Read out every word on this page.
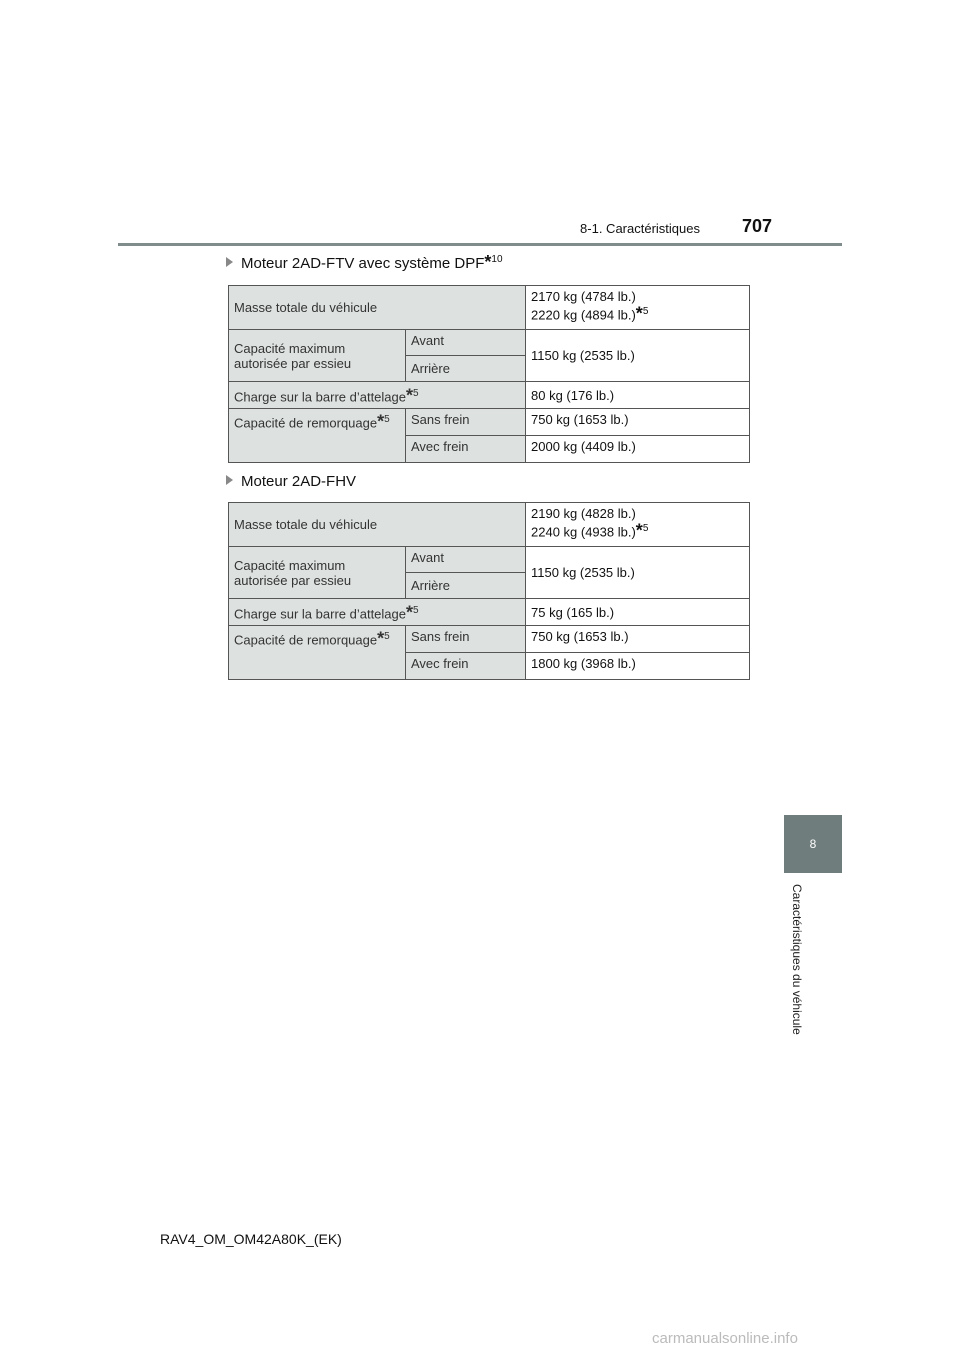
8-1. Caractéristiques 707
Moteur 2AD-FTV avec système DPF*$^{10}$
Masse totale du véhicule		2170 kg (4784 lb.)
2220 kg (4894 lb.)*$^5$

Capacité maximum autorisée par essieu	Avant	1150 kg (2535 lb.)
	Arrière	
Charge sur la barre d’attelage*$^5$		80 kg (176 lb.)
Capacité de remorquage*$^5$	Sans frein	750 kg (1653 lb.)
	Avec frein	2000 kg (4409 lb.)
Moteur 2AD-FHV
Masse totale du véhicule		2190 kg (4828 lb.)
2240 kg (4938 lb.)*$^5$

Capacité maximum autorisée par essieu	Avant	1150 kg (2535 lb.)
	Arrière	
Charge sur la barre d’attelage*$^5$		75 kg (165 lb.)
Capacité de remorquage*$^5$	Sans frein	750 kg (1653 lb.)
	Avec frein	1800 kg (3968 lb.)
8
Caractéristiques du véhicule
RAV4_OM_OM42A80K_(EK)
carmanualsonline.info
